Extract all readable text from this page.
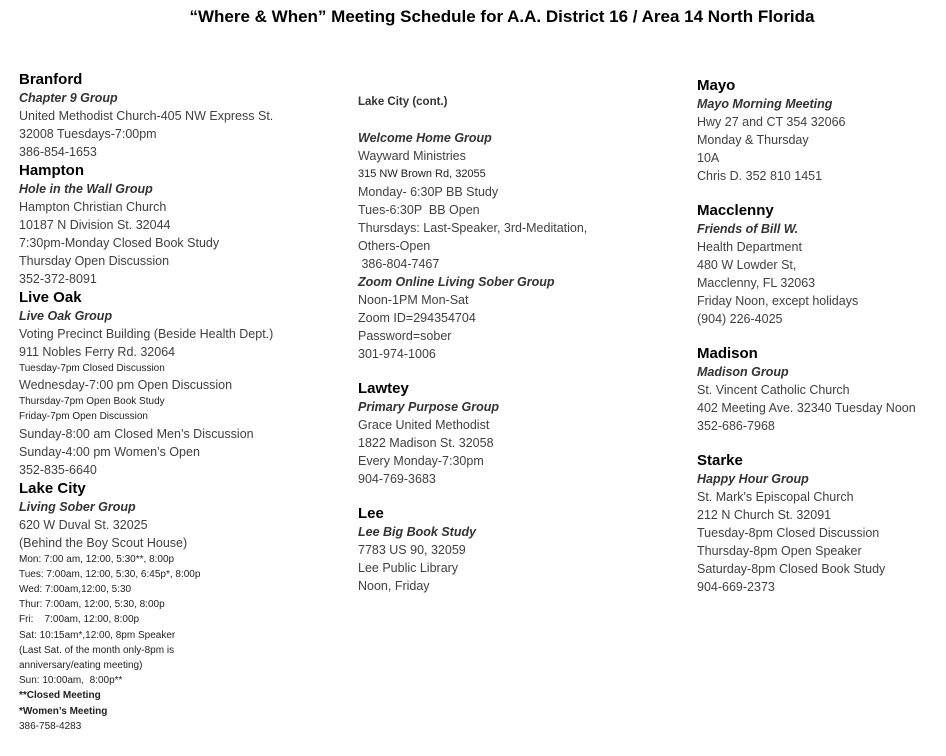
“Where & When” Meeting Schedule for A.A. District 16 / Area 14 North Florida
Branford
Chapter 9 Group
United Methodist Church-405 NW Express St.
32008 Tuesdays-7:00pm
386-854-1653
Hampton
Hole in the Wall Group
Hampton Christian Church
10187 N Division St. 32044
7:30pm-Monday Closed Book Study
Thursday Open Discussion
352-372-8091
Live Oak
Live Oak Group
Voting Precinct Building (Beside Health Dept.)
911 Nobles Ferry Rd. 32064
Tuesday-7pm Closed Discussion
Wednesday-7:00 pm Open Discussion
Thursday-7pm Open Book Study
Friday-7pm Open Discussion
Sunday-8:00 am Closed Men’s Discussion
Sunday-4:00 pm Women’s Open
352-835-6640
Lake City
Living Sober Group
620 W Duval St. 32025
(Behind the Boy Scout House)
Mon: 7:00 am, 12:00, 5:30**, 8:00p
Tues: 7:00am, 12:00, 5:30, 6:45p*, 8:00p
Wed: 7:00am,12:00, 5:30
Thur: 7:00am, 12:00, 5:30, 8:00p
Fri:    7:00am, 12:00, 8:00p
Sat: 10:15am*,12:00, 8pm Speaker
(Last Sat. of the month only-8pm is
anniversary/eating meeting)
Sun: 10:00am,  8:00p**
**Closed Meeting
*Women’s Meeting
386-758-4283
Lake City (cont.)
Welcome Home Group
Wayward Ministries
315 NW Brown Rd, 32055
Monday- 6:30P BB Study
Tues-6:30P  BB Open
Thursdays: Last-Speaker, 3rd-Meditation,
Others-Open
386-804-7467
Zoom Online Living Sober Group
Noon-1PM Mon-Sat
Zoom ID=294354704
Password=sober
301-974-1006
Lawtey
Primary Purpose Group
Grace United Methodist
1822 Madison St. 32058
Every Monday-7:30pm
904-769-3683
Lee
Lee Big Book Study
7783 US 90, 32059
Lee Public Library
Noon, Friday
Mayo
Mayo Morning Meeting
Hwy 27 and CT 354 32066
Monday & Thursday
10A
Chris D. 352 810 1451
Macclenny
Friends of Bill W.
Health Department
480 W Lowder St,
Macclenny, FL 32063
Friday Noon, except holidays
(904) 226-4025
Madison
Madison Group
St. Vincent Catholic Church
402 Meeting Ave. 32340 Tuesday Noon
352-686-7968
Starke
Happy Hour Group
St. Mark's Episcopal Church
212 N Church St. 32091
Tuesday-8pm Closed Discussion
Thursday-8pm Open Speaker
Saturday-8pm Closed Book Study
904-669-2373
